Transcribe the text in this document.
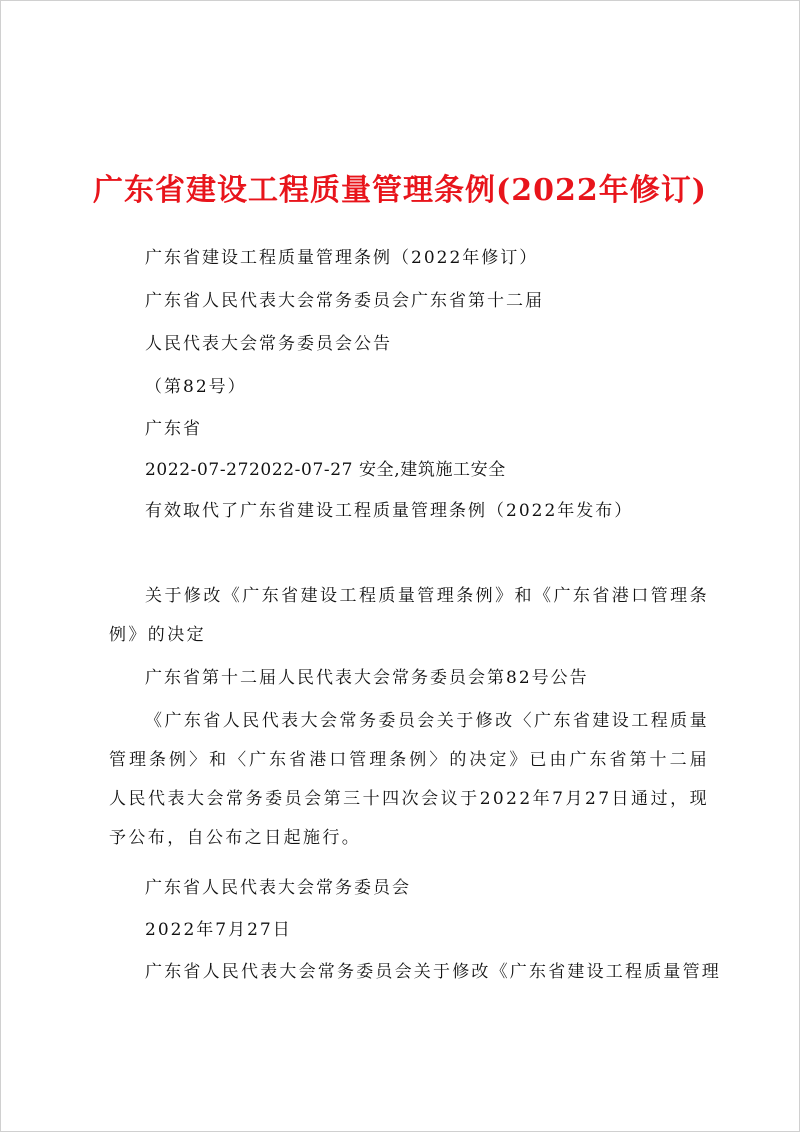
广东省建设工程质量管理条例(2022年修订)
广东省建设工程质量管理条例（2022年修订）
广东省人民代表大会常务委员会广东省第十二届
人民代表大会常务委员会公告
（第82号）
广东省
2022-07-272022-07-27 安全,建筑施工安全
有效取代了广东省建设工程质量管理条例（2022年发布）

关于修改《广东省建设工程质量管理条例》和《广东省港口管理条例》的决定

广东省第十二届人民代表大会常务委员会第82号公告

《广东省人民代表大会常务委员会关于修改〈广东省建设工程质量管理条例〉和〈广东省港口管理条例〉的决定》已由广东省第十二届人民代表大会常务委员会第三十四次会议于2022年7月27日通过，现予公布，自公布之日起施行。

广东省人民代表大会常务委员会
2022年7月27日
广东省人民代表大会常务委员会关于修改《广东省建设工程质量管理
